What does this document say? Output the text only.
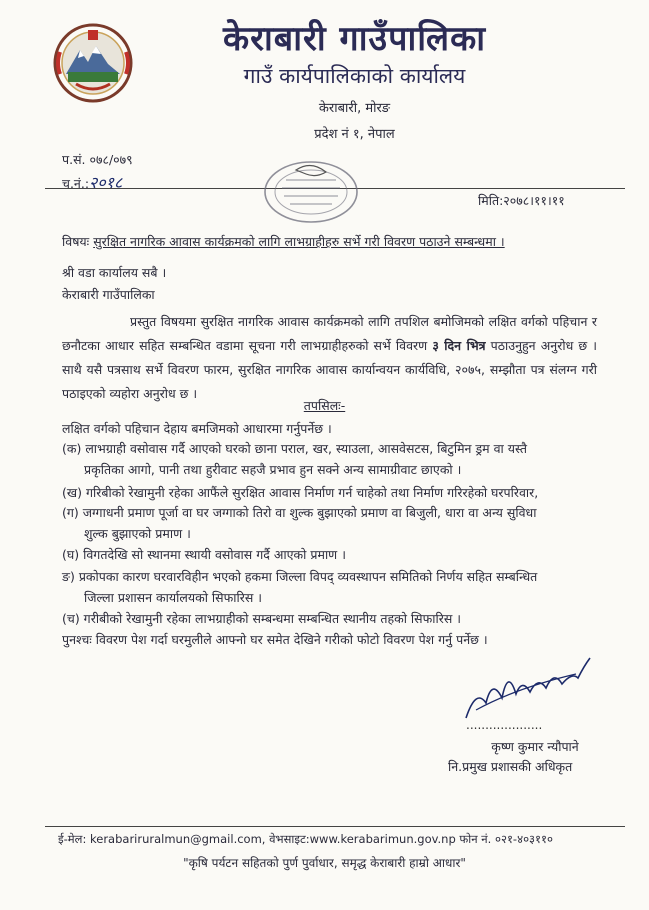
केराबारी गाउँपालिका
गाउँ कार्यपालिकाको कार्यालय
केराबारी, मोरङ
प्रदेश नं १, नेपाल
प.सं. ०७८/०७९
च.नं.:२०१८
मिति:२०७८।११।११
विषयः सुरक्षित नागरिक आवास कार्यक्रमको लागि लाभग्राहीहरु सर्भे गरी विवरण पठाउने सम्बन्धमा ।
श्री वडा कार्यालय सबै ।
केराबारी गाउँपालिका
प्रस्तुत विषयमा सुरक्षित नागरिक आवास कार्यक्रमको लागि तपशिल बमोजिमको लक्षित वर्गको पहिचान र छनौटका आधार सहित सम्बन्धित वडामा सूचना गरी लाभग्राहीहरुको सर्भे विवरण ३ दिन भित्र पठाउनुहुन अनुरोध छ । साथै यसै पत्रसाथ सर्भे विवरण फारम, सुरक्षित नागरिक आवास कार्यान्वयन कार्यविधि, २०७५, सम्झौता पत्र संलग्न गरी पठाइएको व्यहोरा अनुरोध छ ।
तपसिलः-
लक्षित वर्गको पहिचान देहाय बमजिमको आधारमा गर्नुपर्नेछ ।
(क) लाभग्राही वसोवास गर्दै आएको घरको छाना पराल, खर, स्याउला, आसवेसटस, बिटुमिन ड्रम वा यस्तै
प्रकृतिका आगो, पानी तथा हुरीवाट सहजै प्रभाव हुन सक्ने अन्य सामाग्रीवाट छाएको ।
(ख) गरिबीको रेखामुनी रहेका आफैंले सुरक्षित आवास निर्माण गर्न चाहेको तथा निर्माण गरिरहेको घरपरिवार,
(ग) जग्गाधनी प्रमाण पूर्जा वा घर जग्गाको तिरो वा शुल्क बुझाएको प्रमाण वा बिजुली, धारा वा अन्य सुविधा
शुल्क बुझाएको प्रमाण ।
(घ) विगतदेखि सो स्थानमा स्थायी वसोवास गर्दै आएको प्रमाण ।
ङ) प्रकोपका कारण घरवारविहीन भएको हकमा जिल्ला विपद् व्यवस्थापन समितिको निर्णय सहित सम्बन्धित
जिल्ला प्रशासन कार्यालयको सिफारिस ।
(च) गरीबीको रेखामुनी रहेका लाभग्राहीको सम्बन्धमा सम्बन्धित स्थानीय तहको सिफारिस ।
पुनश्चः विवरण पेश गर्दा घरमुलीले आफ्नो घर समेत देखिने गरीको फोटो विवरण पेश गर्नु पर्नेछ ।
....................
कृष्ण कुमार न्यौपाने
नि.प्रमुख प्रशासकी अधिकृत
ई-मेल: kerabariruralmun@gmail.com, वेभसाइट:www.kerabarimun.gov.np फोन नं. ०२१-४०३११०
"कृषि पर्यटन सहितको पुर्ण पुर्वाधार, समृद्ध केराबारी हाम्रो आधार"
